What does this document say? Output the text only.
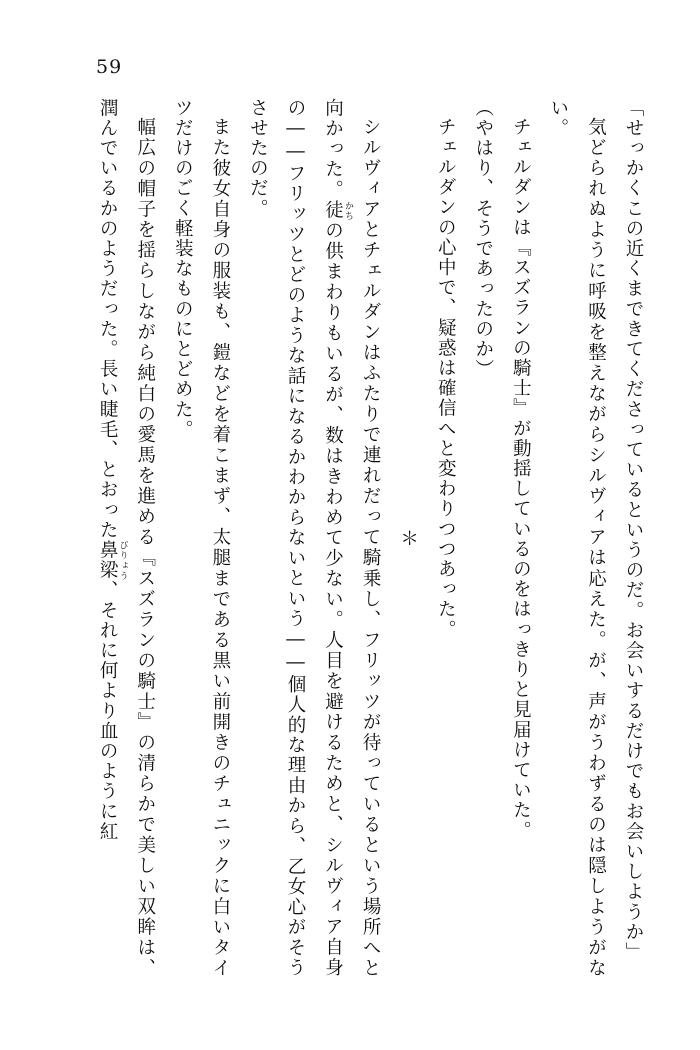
59

「せっかくこの近くまできてくださっているというのだ。お会いするだけでもお会いしようか」

気どられぬように呼吸を整えながらシルヴィアは応えた。が、声がうわずるのは隠しようがない。

チェルダンは『スズランの騎士』が動揺しているのをはっきりと見届けていた。

（やはり、そうであったのか）

チェルダンの心中で、疑惑は確信へと変わりつつあった。

＊

シルヴィアとチェルダンはふたりで連れだって騎乗し、フリッツが待っているという場所へと向かった。徒 かちの供まわりもいるが、数はきわめて少ない。人目を避けるためと、シルヴィア自身の――フリッツとどのような話になるかわからないという――個人的な理由から、乙女心がそうさせたのだ。

また彼女自身の服装も、鎧などを着こまず、太腿まである黒い前開きのチュニックに白いタイツだけのごく軽装なものにとどめた。

幅広の帽子を揺らしながら純白の愛馬を進める『スズランの騎士』の清らかで美しい双眸は、潤んでいるかのようだった。長い睫毛、とおった鼻梁 びりょう、それに何より血のように紅
